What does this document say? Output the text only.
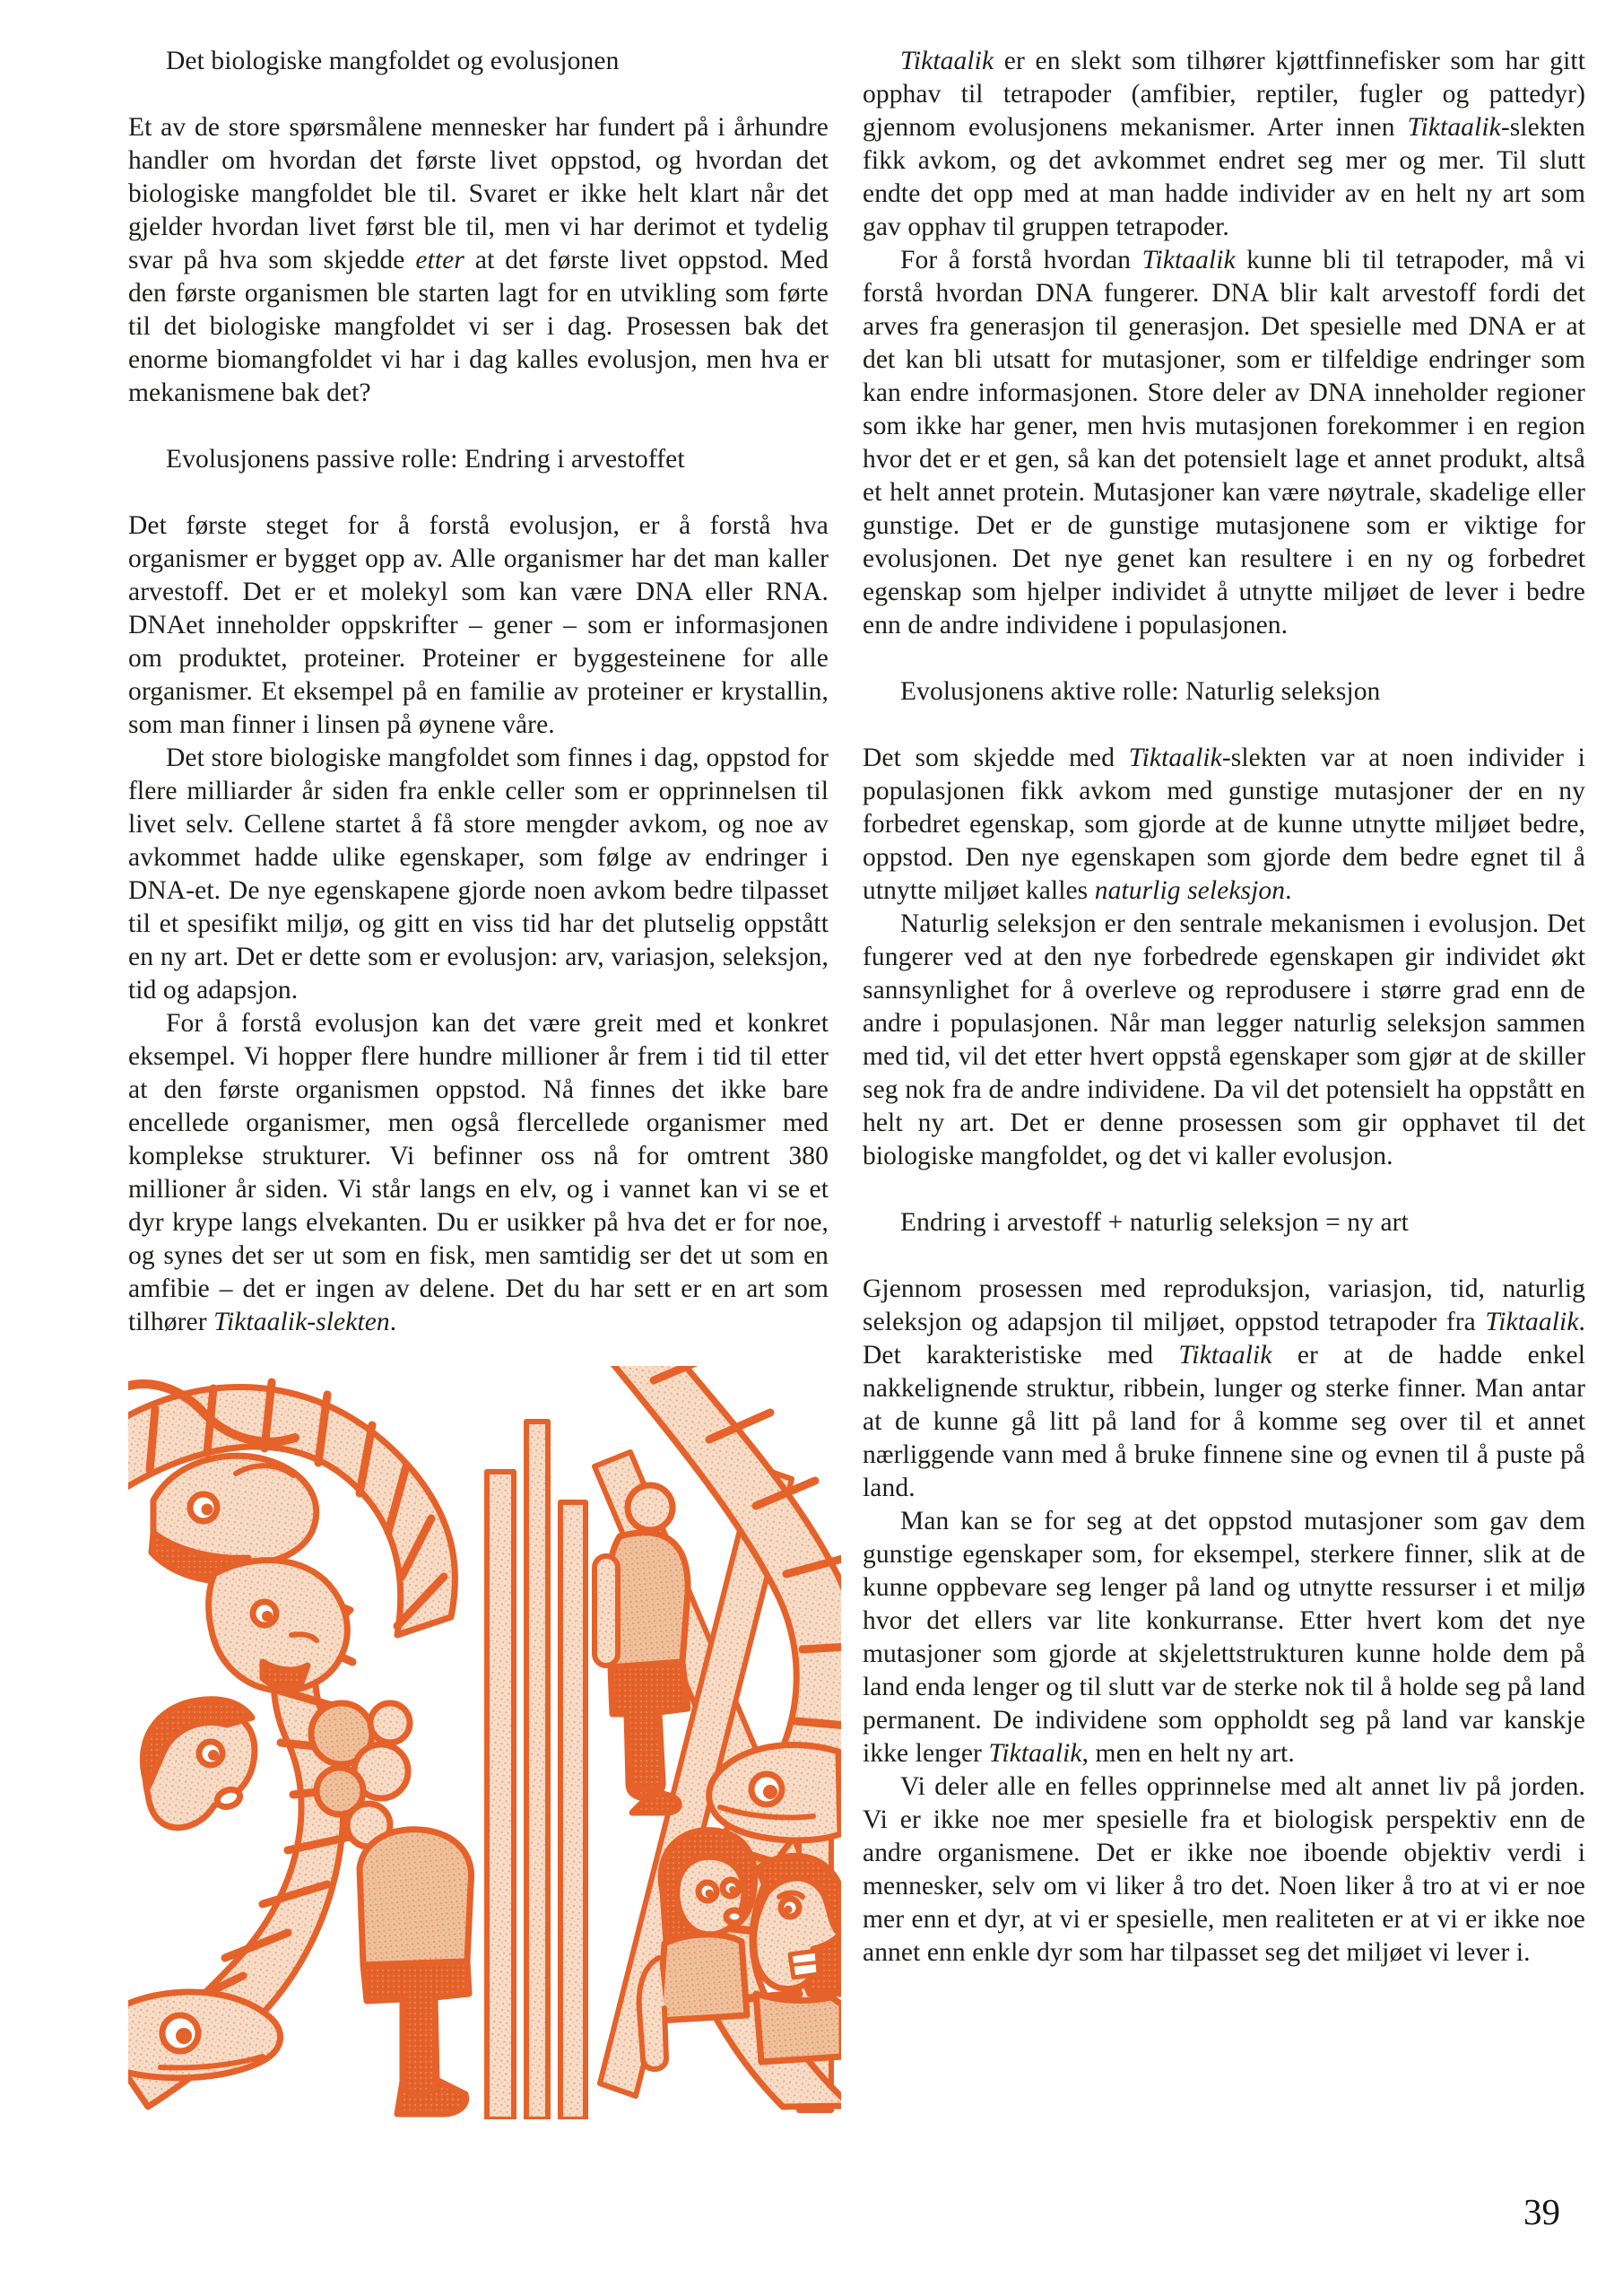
Det biologiske mangfoldet og evolusjonen

Et av de store spørsmålene mennesker har fundert på i århundre handler om hvordan det første livet oppstod, og hvordan det biologiske mangfoldet ble til. Svaret er ikke helt klart når det gjelder hvordan livet først ble til, men vi har derimot et tydelig svar på hva som skjedde etter at det første livet oppstod. Med den første organismen ble starten lagt for en utvikling som førte til det biologiske mangfoldet vi ser i dag. Prosessen bak det enorme biomangfoldet vi har i dag kalles evolusjon, men hva er mekanismene bak det?

Evolusjonens passive rolle: Endring i arvestoffet

Det første steget for å forstå evolusjon, er å forstå hva organismer er bygget opp av. Alle organismer har det man kaller arvestoff. Det er et molekyl som kan være DNA eller RNA. DNAet inneholder oppskrifter – gener – som er informasjonen om produktet, proteiner. Proteiner er byggesteinene for alle organismer. Et eksempel på en familie av proteiner er krystallin, som man finner i linsen på øynene våre.

Det store biologiske mangfoldet som finnes i dag, oppstod for flere milliarder år siden fra enkle celler som er opprinnelsen til livet selv. Cellene startet å få store mengder avkom, og noe av avkommet hadde ulike egenskaper, som følge av endringer i DNA-et. De nye egenskapene gjorde noen avkom bedre tilpasset til et spesifikt miljø, og gitt en viss tid har det plutselig oppstått en ny art. Det er dette som er evolusjon: arv, variasjon, seleksjon, tid og adapsjon.

For å forstå evolusjon kan det være greit med et konkret eksempel. Vi hopper flere hundre millioner år frem i tid til etter at den første organismen oppstod. Nå finnes det ikke bare encellede organismer, men også flercellede organismer med komplekse strukturer. Vi befinner oss nå for omtrent 380 millioner år siden. Vi står langs en elv, og i vannet kan vi se et dyr krype langs elvekanten. Du er usikker på hva det er for noe, og synes det ser ut som en fisk, men samtidig ser det ut som en amfibie – det er ingen av delene. Det du har sett er en art som tilhører Tiktaalik-slekten.

Tiktaalik er en slekt som tilhører kjøttfinnefisker som har gitt opphav til tetrapoder (amfibier, reptiler, fugler og pattedyr) gjennom evolusjonens mekanismer. Arter innen Tiktaalik-slekten fikk avkom, og det avkommet endret seg mer og mer. Til slutt endte det opp med at man hadde individer av en helt ny art som gav opphav til gruppen tetrapoder.

For å forstå hvordan Tiktaalik kunne bli til tetrapoder, må vi forstå hvordan DNA fungerer. DNA blir kalt arvestoff fordi det arves fra generasjon til generasjon. Det spesielle med DNA er at det kan bli utsatt for mutasjoner, som er tilfeldige endringer som kan endre informasjonen. Store deler av DNA inneholder regioner som ikke har gener, men hvis mutasjonen forekommer i en region hvor det er et gen, så kan det potensielt lage et annet produkt, altså et helt annet protein. Mutasjoner kan være nøytrale, skadelige eller gunstige. Det er de gunstige mutasjonene som er viktige for evolusjonen. Det nye genet kan resultere i en ny og forbedret egenskap som hjelper individet å utnytte miljøet de lever i bedre enn de andre individene i populasjonen.

Evolusjonens aktive rolle: Naturlig seleksjon

Det som skjedde med Tiktaalik-slekten var at noen individer i populasjonen fikk avkom med gunstige mutasjoner der en ny forbedret egenskap, som gjorde at de kunne utnytte miljøet bedre, oppstod. Den nye egenskapen som gjorde dem bedre egnet til å utnytte miljøet kalles naturlig seleksjon.

Naturlig seleksjon er den sentrale mekanismen i evolusjon. Det fungerer ved at den nye forbedrede egenskapen gir individet økt sannsynlighet for å overleve og reprodusere i større grad enn de andre i populasjonen. Når man legger naturlig seleksjon sammen med tid, vil det etter hvert oppstå egenskaper som gjør at de skiller seg nok fra de andre individene. Da vil det potensielt ha oppstått en helt ny art. Det er denne prosessen som gir opphavet til det biologiske mangfoldet, og det vi kaller evolusjon.

Endring i arvestoff + naturlig seleksjon = ny art

Gjennom prosessen med reproduksjon, variasjon, tid, naturlig seleksjon og adapsjon til miljøet, oppstod tetrapoder fra Tiktaalik. Det karakteristiske med Tiktaalik er at de hadde enkel nakkelignende struktur, ribbein, lunger og sterke finner. Man antar at de kunne gå litt på land for å komme seg over til et annet nærliggende vann med å bruke finnene sine og evnen til å puste på land.

Man kan se for seg at det oppstod mutasjoner som gav dem gunstige egenskaper som, for eksempel, sterkere finner, slik at de kunne oppbevare seg lenger på land og utnytte ressurser i et miljø hvor det ellers var lite konkurranse. Etter hvert kom det nye mutasjoner som gjorde at skjelettstrukturen kunne holde dem på land enda lenger og til slutt var de sterke nok til å holde seg på land permanent. De individene som oppholdt seg på land var kanskje ikke lenger Tiktaalik, men en helt ny art.

Vi deler alle en felles opprinnelse med alt annet liv på jorden. Vi er ikke noe mer spesielle fra et biologisk perspektiv enn de andre organismene. Det er ikke noe iboende objektiv verdi i mennesker, selv om vi liker å tro det. Noen liker å tro at vi er noe mer enn et dyr, at vi er spesielle, men realiteten er at vi er ikke noe annet enn enkle dyr som har tilpasset seg det miljøet vi lever i.

39
